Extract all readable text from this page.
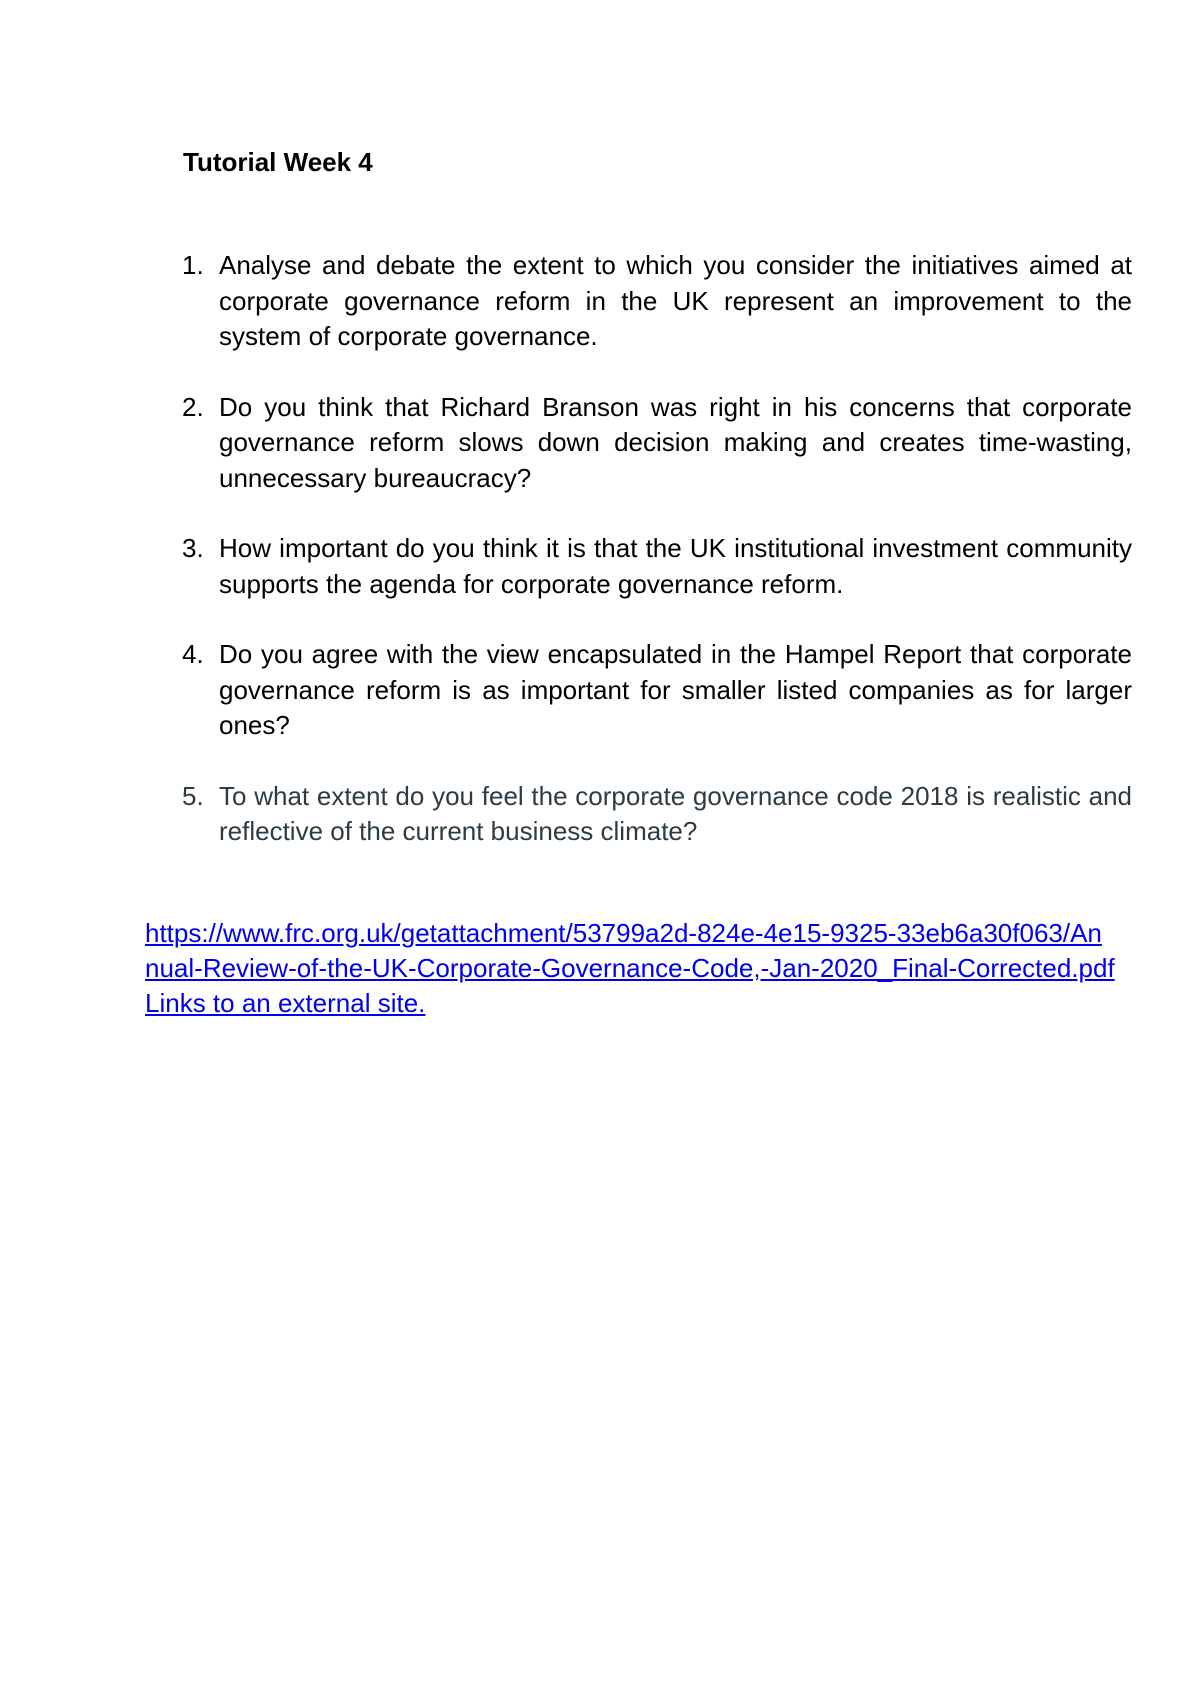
Tutorial Week 4
1. Analyse and debate the extent to which you consider the initiatives aimed at corporate governance reform in the UK represent an improvement to the system of corporate governance.
2. Do you think that Richard Branson was right in his concerns that corporate governance reform slows down decision making and creates time-wasting, unnecessary bureaucracy?
3. How important do you think it is that the UK institutional investment community supports the agenda for corporate governance reform.
4. Do you agree with the view encapsulated in the Hampel Report that corporate governance reform is as important for smaller listed companies as for larger ones?
5. To what extent do you feel the corporate governance code 2018 is realistic and reflective of the current business climate?
https://www.frc.org.uk/getattachment/53799a2d-824e-4e15-9325-33eb6a30f063/Annual-Review-of-the-UK-Corporate-Governance-Code,-Jan-2020_Final-Corrected.pdfLinks to an external site.
